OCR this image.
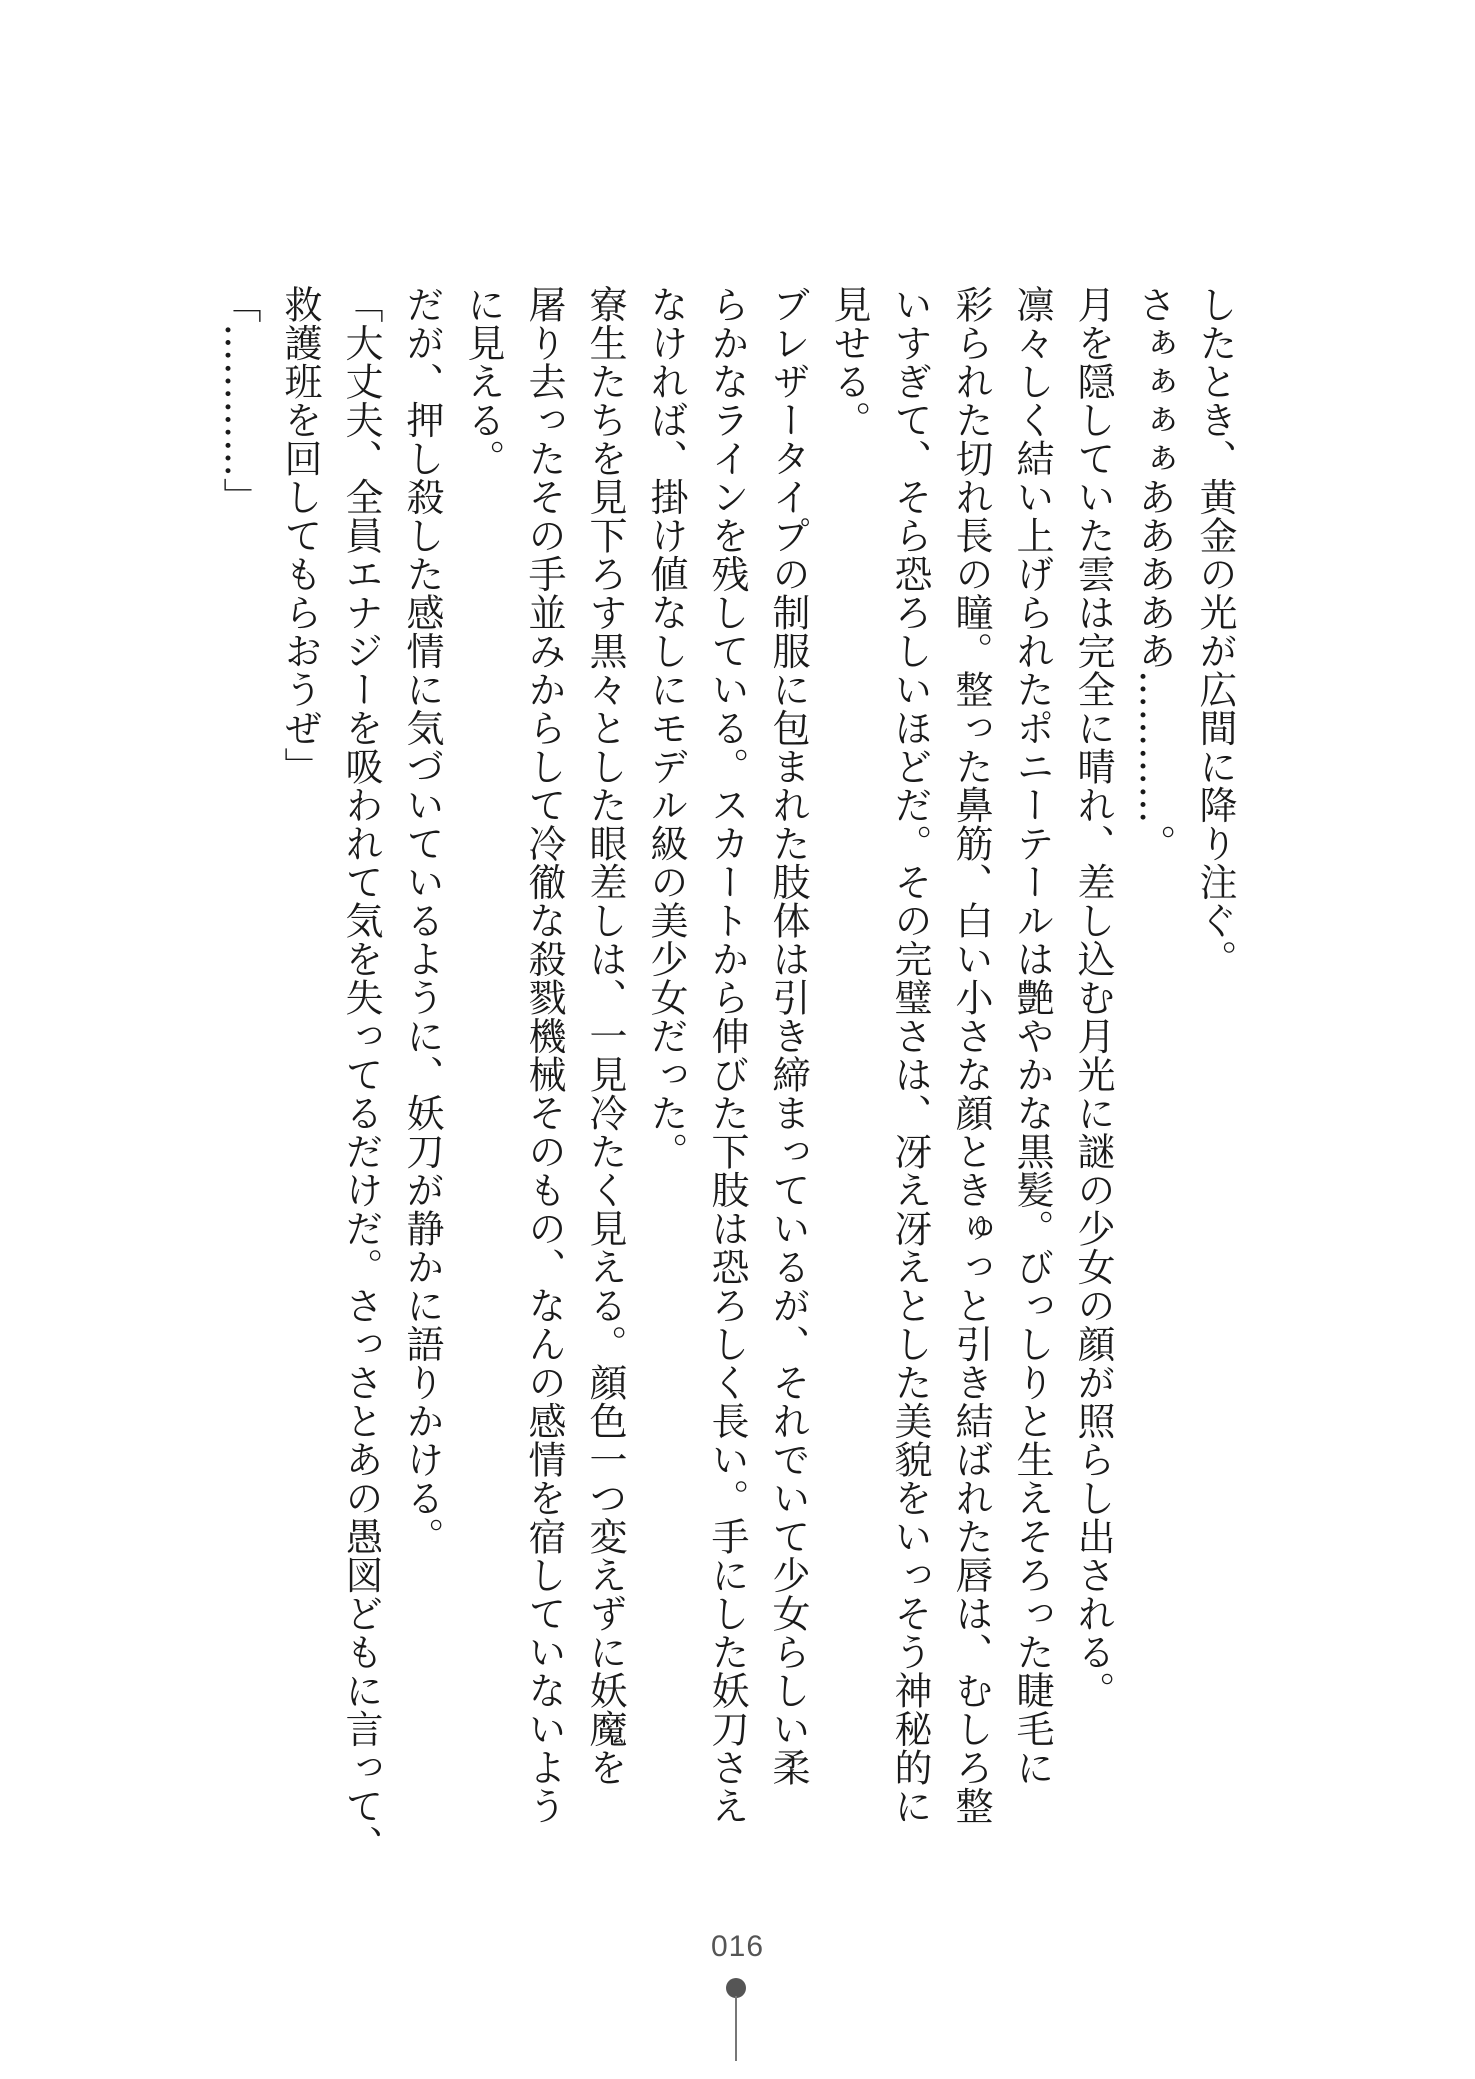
したとき、黄金の光が広間に降り注ぐ。
さぁぁぁぁあああああ…………。
月を隠していた雲は完全に晴れ、差し込む月光に謎の少女の顔が照らし出される。
凛々しく結い上げられたポニーテールは艶やかな黒髪。びっしりと生えそろった睫毛に
彩られた切れ長の瞳。整った鼻筋、白い小さな顔ときゅっと引き結ばれた唇は、むしろ整
いすぎて、そら恐ろしいほどだ。その完璧さは、冴え冴えとした美貌をいっそう神秘的に
見せる。
ブレザータイプの制服に包まれた肢体は引き締まっているが、それでいて少女らしい柔
らかなラインを残している。スカートから伸びた下肢は恐ろしく長い。手にした妖刀さえ
なければ、掛け値なしにモデル級の美少女だった。
寮生たちを見下ろす黒々とした眼差しは、一見冷たく見える。顔色一つ変えずに妖魔を
屠り去ったその手並みからして冷徹な殺戮機械そのもの、なんの感情を宿していないよう
に見える。
だが、押し殺した感情に気づいているように、妖刀が静かに語りかける。
「大丈夫、全員エナジーを吸われて気を失ってるだけだ。さっさとあの愚図どもに言って、
救護班を回してもらおうぜ」
「…………」
016
